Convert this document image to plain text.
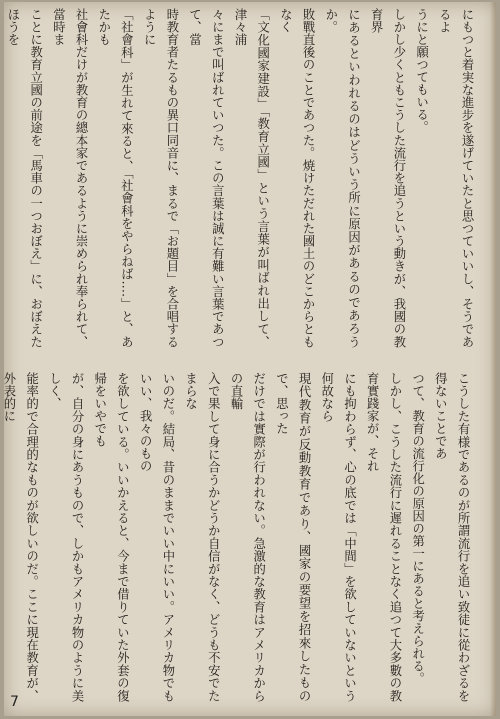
にもつと着実な進步を遂げていたと思つていいし、そうであるよ

うにと願つてもいる。

しかし少くともこうした流行を追うという動きが、我國の教育界

にあるといわれるのはどういう所に原因があるのであろうか。

敗戰直後のことであつた。焼けただれた國土のどこからともなく

「文化國家建設」「教育立國」という言葉が叫ばれ出して、津々浦

々にまで叫ばれていつた。この言葉は誠に有難い言葉であつて、當

時教育者たるもの異口同音に、まるで「お題目」を合唱するように

「社會科」が生れて來ると、「社會科をやらねば‥‥」と、あたかも

社會科だけが教育の總本家であるように崇められ奉られて、當時ま

ことに教育立國の前途を「馬車の一つおぼえ」に、おぼえたほうを

こうした有様であるのが所謂流行を追い致徒に從わざるを得ないことであ

つて、教育の流行化の原因の第一にあると考えられる。

しかし、こうした流行に遲れることなく追つて大多數の教育實踐家が、それ

にも拘わらず、心の底では「中間」を欲していないという何故なら

現代教育が反動教育であり、國家の要望を招來したもので、思った

だけでは實際が行われない。急激的な教育はアメリカからの直輸

入で果して身に合うかどうか自信がなく、どうも不安でたまらな

いのだ。結局、昔のままでいい中にいい。アメリカ物でもいい、我々のもの

を欲している。いいかえると、今まで借りていた外套の復帰をいやでも

が、自分の身にあうもので、しかもアメリカ物のように美しく、

能率的で合理的なものが欲しいのだ。ここに現在教育が、外表的に

7
